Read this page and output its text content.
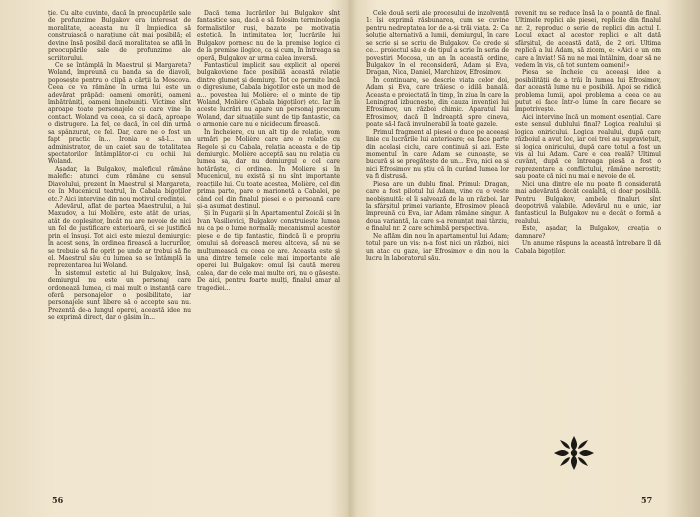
ție. Cu alte cuvinte, dacă în preocupările sale de profunzime Bulgakov era interesat de moralitate, aceasta nu îl împiedica să construiască o narațiune cât mai posibilă; el devine însă posibil dacă moralitatea se află în preocupările sale de profunzime ale scriitorului.

Ce se întâmplă în Maestrul și Margareta? Woland, împreună cu banda sa de diavoli, poposește pentru o clipă a cărții la Moscova. Ceea ce va rămâne în urma lui este un adevărat prăpăd: oameni omorâți, oameni îmbătrâniți, oameni înnebuniți. Victime sînt aproape toate personajele cu care vine în contact. Woland va ceea, ca și dacă, aproape o distrugere. La fel, ce dacă, în cel din urmă sa spânzurat, ce fel. Dar, care ne o fost un fapt practic în... Ironia e să-l... un administrator, de un caiet sau de totalitatea spectatorilor întâmplător-ci cu ochii lui Woland.

Așadar, la Bulgakov, maleficul rămâne malefic: atunci cum rămâne cu sensul Diavolului, prezent în Maestrul și Margareta, ce în Mucenicul teatrul, în Cabala bigoților etc.? Aici intervine din nou motivul credinței.

Adevărul, aflat de partea Maestrului, a lui Maxudov, a lui Molière, este atât de urias, atât de copleșitor, încât nu are nevoie de nici un fel de justificare exterioară, ci se justifică prin el însuși. Tot aici este miezul demiurgic: în acest sens, în ordinea firească a lucrurilor, se trebuie să fie oprit pe unde ar trebui să fie el. Maestrul său cu lumea sa se întâmplă la reprezentarea lui Woland.

În sistemul estetic al lui Bulgakov, însă, demiurgul nu este un personaj care ordonează lumea, ci mai mult o instanță care oferă personajelor o posibilitate, iar personajele sunt libere să o accepte sau nu. Prezentă de-a lungul operei, această idee nu se exprimă direct, dar o găsim în...

Dacă tema lucrărilor lui Bulgakov sînt fantastice sau, dacă e să folosim terminologia formalistilor ruși, bazate pe motivația estetică. În intimitatea lor, lucrările lui Bulgakov pornesc nu de la premise logice ci de la premise ilogice, ca și cum, în întreaga sa operă, Bulgakov ar urma calea inversă.

Fantasticul implicit sau explicit al operei bulgakoviene face posibilă această relație dintre glumeț și demiurg. Tot ce permite încă o digresiune, Cabala bigoților este un mod de a... povestea lui Molière: el o minte de tip Woland, Molière (Cabala bigoților) etc. Iar în aceste lucrări nu apare un personaj precum Woland, dar situațiile sunt de tip fantastic, ca o armonie care nu e nicidecum firească.

În încheiere, cu un alt tip de relație, vom urmări pe Molière care are o relație cu Regele și cu Cabala, relația aceasta e de tip demiurgic. Molière acceptă sau nu relația cu lumea sa, dar nu demiurgul e cel care hotărăște, ci ordinea. În Moliere și în Mucenicul, nu există și nu sînt importante reacțiile lui. Cu toate acestea, Molière, cel din prima parte, pare o marionetă a Cabalei, pe când cel din finalul piesei e o persoană care și-a asumat destinul.

Și în Fugarii și în Apartamentul Zoicăi și în Ivan Vasilievici, Bulgakov construiește lumea nu ca pe o lume normală; mecanismul acestor piese e de tip fantastic, fiindcă îi e propriu omului să dorească mereu altceva, să nu se mulțumească cu ceea ce are. Aceasta este și una dintre temele cele mai importante ale operei lui Bulgakov: omul își caută mereu calea, dar de cele mai multe ori, nu o găsește. De aici, pentru foarte mulți, finalul amar al tragediei...

56

Cele două serii ale procesului de inzolvență 1: își exprimă răsbunarea, cum se cuvine pentru nedreptatea lor de a-și trăi viața. 2: Ca soluție alternativă a lumii, demiurgul, în care se scrie și se scriu de Bulgakov. Ce crede și ce... proiectul său e de tipul a scrie în seria de povestiri Mocosa, un an în această ordine, Bulgakov în el reconsideră, Adam și Eva, Dragan, Nica, Daniel, Marchizov, Efrosimov.

În continuare, se descrie viața celor doi, Adam și Eva, care trăiesc o idilă banală. Aceasta e proiectată în timp, în ziua în care la Leningrad izbucnește, din cauza invenției lui Efrosimov, un război chimic. Aparatul lui Efrosimov, dacă îl îndreaptă spre cineva, poate să-l facă invulnerabil la toate gazele.

Primul fragment al piesei o duce pe aceeași linie cu lucrările lui anterioare; ea face parte din același ciclu, care continuă și azi. Este momentul în care Adam se cunoaște, se bucură și se pregătește de un... Eva, nici ea și nici Efrosimov nu știu că în curând lumea lor va fi distrusă.

Piesa are un dublu final. Primul: Dragan, care a fost pilotul lui Adam, vine cu o veste neobișnuită: el îi salvează de la un război. Iar la sfârșitul primei variante, Efrosimov pleacă împreună cu Eva, iar Adam rămâne singur. A doua variantă, la care s-a renunțat mai târziu, e finalul nr. 2 care schimbă perspectiva.

Ne aflăm din nou în apartamentul lui Adam; totul pare un vis: n-a fost nici un război, nici un atac cu gaze, iar Efrosimov e din nou la lucru în laboratorul său.

revenit nu se reduce însă la o poantă de final. Ultimele replici ale piesei, replicile din finalul nr. 2, reproduc o serie de replici din actul I. Locul exact al acestor replici e alt dată sfârșitul, de această dată, de 2 ori. Ultima replică a lui Adam, să zicem, e: «Aici e un om care a înviat! Să nu ne mai întâlnim, doar să ne vedem în vis, că tot suntem oameni!»

Piesa se încheie cu aceeași idee a posibilității de a trăi în lumea lui Efrosimov, dar această lume nu e posibilă. Apoi se ridică problema lumii, apoi problema a ceea ce au putut ei face într-o lume în care fiecare se împotrivește.

Aici intervine încă un moment esențial. Care este sensul dublului final? Logica realului și logica oniricului. Logica realului, după care războiul a avut loc, iar cei trei au supraviețuit, și logica oniricului, după care totul a fost un vis al lui Adam. Care e cea reală? Ultimul cuvânt, după ce întreaga piesă a fost o reprezentare a conflictului, rămâne nerostit; sau poate că nici nu mai e nevoie de el.

Nici una dintre ele nu poate fi considerată mai adevărată decât cealaltă, ci doar posibilă. Pentru Bulgakov, ambele finaluri sînt deopotrivă valabile. Adevărul nu e unic, iar fantasticul la Bulgakov nu e decât o formă a realului.

Este, așadar, la Bulgakov, creația o damnare?

Un anume răspuns la această întrebare îl dă Cabala bigoților.

57
